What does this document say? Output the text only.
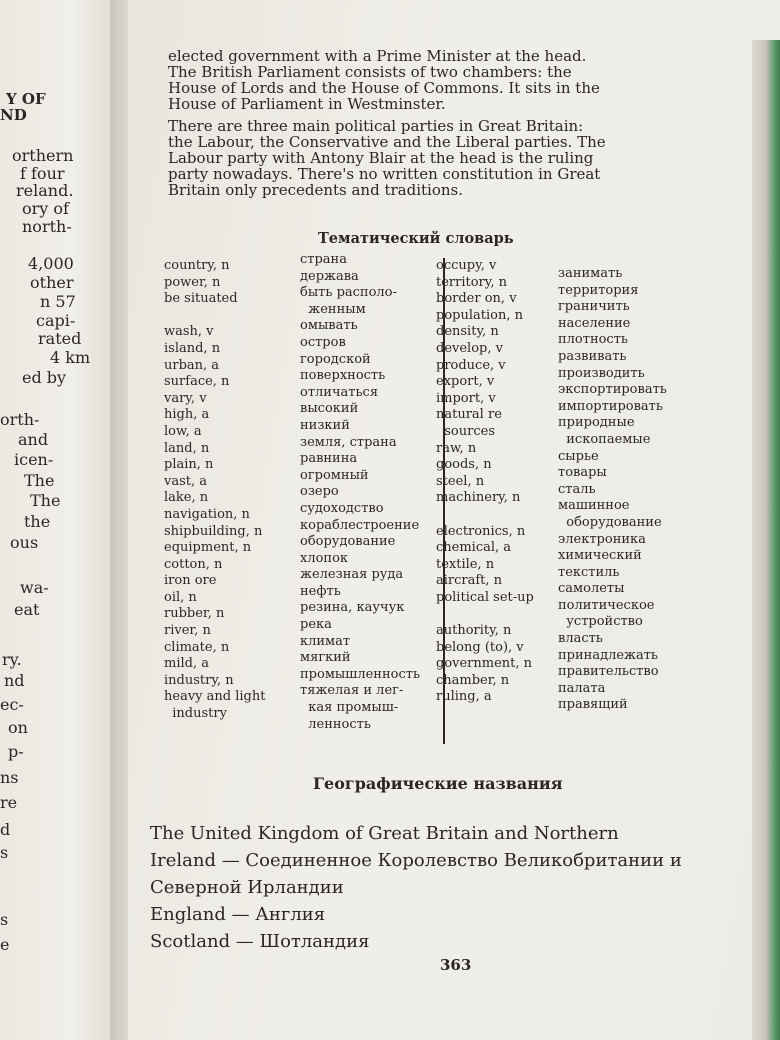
Y OF
ND
orthern
f four
reland.
ory of
north-
4,000
other
n 57
capi-
rated
4 km
ed by
orth-
and
icen-
The
The
the
ous
wa-
eat
ry.
nd
ec-
on
p-
ns
re
d
s
s
e
elected government with a Prime Minister at the head.
The British Parliament consists of two chambers: the
House of Lords and the House of Commons. It sits in the
House of Parliament in Westminster.
There are three main political parties in Great Britain:
the Labour, the Conservative and the Liberal parties. The
Labour party with Antony Blair at the head is the ruling
party nowadays. There's no written constitution in Great
Britain only precedents and traditions.
Тематический словарь
country, n
power, n
be situated
wash, v
island, n
urban, a
surface, n
vary, v
high, a
low, a
land, n
plain, n
vast, a
lake, n
navigation, n
shipbuilding, n
equipment, n
cotton, n
iron ore
oil, n
rubber, n
river, n
climate, n
mild, a
industry, n
heavy and light
industry
страна
держава
быть располо-
женным
омывать
остров
городской
поверхность
отличаться
высокий
низкий
земля, страна
равнина
огромный
озеро
судоходство
кораблестроение
оборудование
хлопок
железная руда
нефть
резина, каучук
река
климат
мягкий
промышленность
тяжелая и лег-
кая промыш-
ленность
occupy, v
territory, n
border on, v
population, n
density, n
develop, v
produce, v
export, v
import, v
natural re
sources
raw, n
goods, n
steel, n
machinery, n
electronics, n
chemical, a
textile, n
aircraft, n
political set-up
authority, n
belong (to), v
government, n
chamber, n
ruling, a
занимать
территория
граничить
население
плотность
развивать
производить
экспортировать
импортировать
природные
ископаемые
сырье
товары
сталь
машинное
оборудование
электроника
химический
текстиль
самолеты
политическое
устройство
власть
принадлежать
правительство
палата
правящий
Географические названия
The United Kingdom of Great Britain and Northern
Ireland — Соединенное Королевство Великобритании и
Северной Ирландии
England — Англия
Scotland — Шотландия
363
